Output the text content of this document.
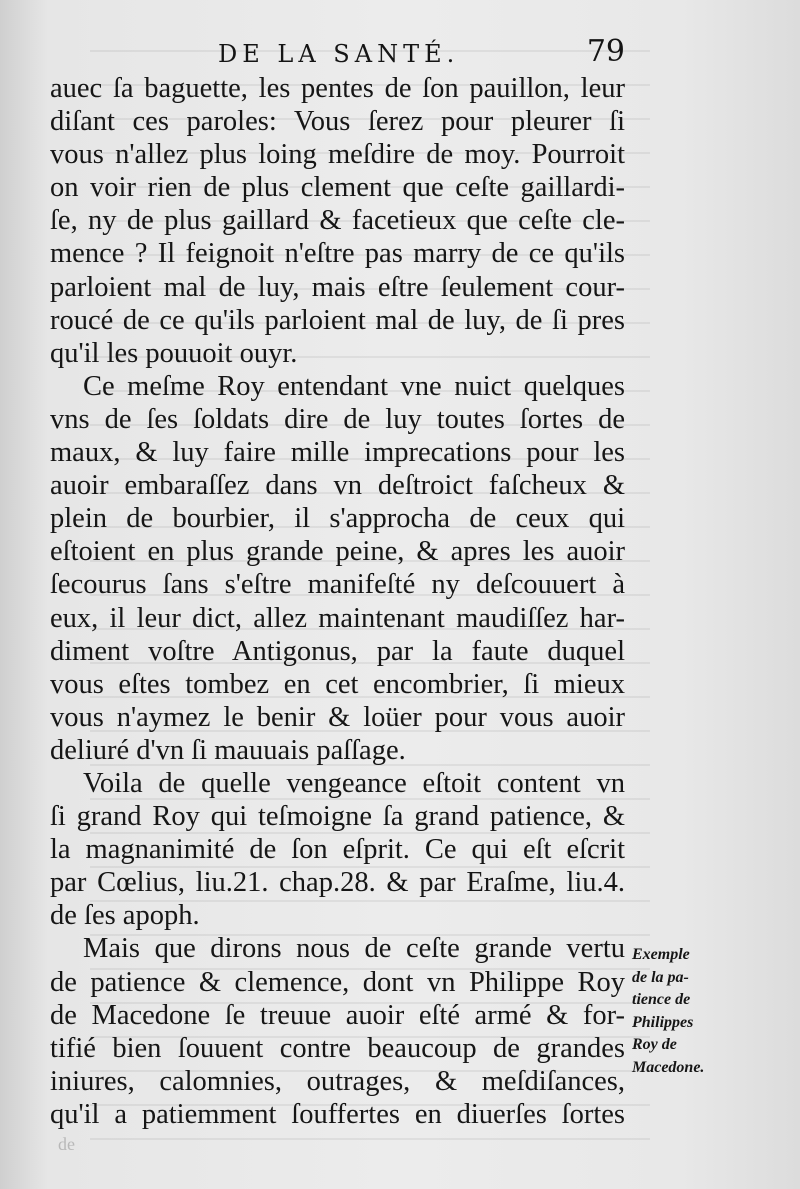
DE LA SANTÉ.	79

auec ſa baguette, les pentes de ſon pauillon, leur
diſant ces paroles: Vous ſerez pour pleurer ſi
vous n'allez plus loing meſdire de moy. Pourroit
on voir rien de plus clement que ceſte gaillardi-
ſe, ny de plus gaillard & facetieux que ceſte cle-
mence ? Il feignoit n'eſtre pas marry de ce qu'ils
parloient mal de luy, mais eſtre ſeulement cour-
roucé de ce qu'ils parloient mal de luy, de ſi pres
qu'il les pouuoit ouyr.

Ce meſme Roy entendant vne nuict quelques
vns de ſes ſoldats dire de luy toutes ſortes de
maux, & luy faire mille imprecations pour les
auoir embaraſſez dans vn deſtroict faſcheux &
plein de bourbier, il s'approcha de ceux qui
eſtoient en plus grande peine, & apres les auoir
ſecourus ſans s'eſtre manifeſté ny deſcouuert à
eux, il leur dict, allez maintenant maudiſſez har-
diment voſtre Antigonus, par la faute duquel
vous eſtes tombez en cet encombrier, ſi mieux
vous n'aymez le benir & loüer pour vous auoir
deliuré d'vn ſi mauuais paſſage.

Voila de quelle vengeance eſtoit content vn
ſi grand Roy qui teſmoigne ſa grand patience, &
la magnanimité de ſon eſprit. Ce qui eſt eſcrit
par Cœlius, liu.21. chap.28. & par Eraſme, liu.4.
de ſes apoph.

Mais que dirons nous de ceſte grande vertu
de patience & clemence, dont vn Philippe Roy
de Macedone ſe treuue auoir eſté armé & for-
tifié bien ſouuent contre beaucoup de grandes
iniures, calomnies, outrages, & meſdiſances,
qu'il a patiemment ſouffertes en diuerſes ſortes

Exemple
de la pa-
tience de
Philippes
Roy de
Macedone.
de
